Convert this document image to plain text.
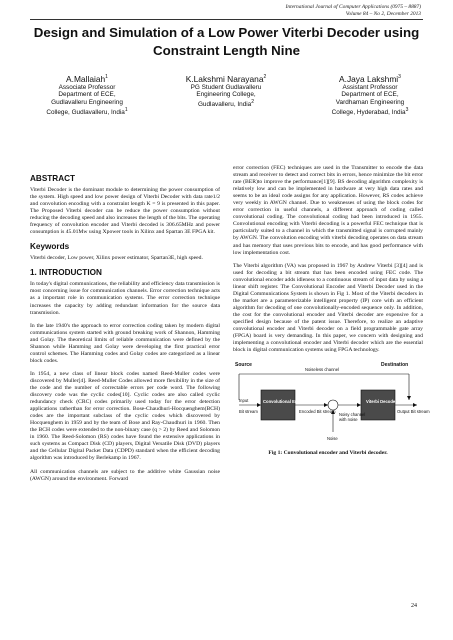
International Journal of Computer Applications (0975 – 8887)
Volume 84 – No 2, December 2013
Design and Simulation of a Low Power Viterbi Decoder using Constraint Length Nine
A.Mallaiah$^1$
Associate Professor
Department of ECE,
Gudlavalleru Engineering
College, Gudlavalleru, India$^1$
K.Lakshmi Narayana$^2$
PG Student Gudlavalleru
Engineering College,
Gudlavalleru, India$^2$
A.Jaya Lakshmi$^3$
Assistant Professor
Department of ECE,
Vardhaman Engineering
College, Hyderabad, India$^3$
ABSTRACT

Viterbi Decoder is the dominant module to determining the power consumption of the system. High speed and low power design of Viterbi Decoder with data rate1/2 and convolution encoding with a constraint length K = 9 is presented in this paper. The Proposed Viterbi decoder can be reduce the power consumption without reducing the decoding speed and also increases the length of the bits. The operating frequency of convolution encoder and Viterbi decoded is 306.65MHz and power consumption is 45.01Mw using Xpower tools in Xilinx and Spartan 3E FPGA kit.

Keywords

Viterbi decoder, Low power, Xilinx power estimator, Spartan3E, high speed.

1. INTRODUCTION

In today's digital communications, the reliability and efficiency data transmission is most concerning issue for communication channels. Error correction technique acts as a important role in communication systems. The error correction technique increases the capacity by adding redundant information for the source data transmission.

In the late 1940's the approach to error correction coding taken by modern digital communications system started with ground breaking work of Shannon, Hamming and Golay. The theoretical limits of reliable communication were defined by the Shannon while Hamming and Golay were developing the first practical error control schemes. The Hamming codes and Golay codes are categorized as a linear block codes.

In 1954, a new class of linear block codes named Reed-Muller codes were discovered by Muller[4]. Reed-Muller Codes allowed more flexibility in the size of the code and the number of correctable errors per code word. The following discovery code was the cyclic codes[10]. Cyclic codes are also called cyclic redundancy check (CRC) codes primarily used today for the error detection applications ratherthan for error correction. Bose-Chaudhuri-Hocquenghem(BCH) codes are the important subclass of the cyclic codes which discovered by Hocquenghem in 1959 and by the team of Bose and Ray-Chaudhuri in 1960. Then the BCH codes were extended to the non-binary case (q > 2) by Reed and Solomon in 1960. The Reed-Solomon (RS) codes have found the extensive applications in such systems as Compact Disk (CD) players, Digital Versatile Disk (DVD) players and the Cellular Digital Packet Data (CDPD) standard when the efficient decoding algorithm was introduced by Berlekamp in 1967.

All communication channels are subject to the additive white Gaussian noise (AWGN) around the environment. Forward

error correction (FEC) techniques are used in the Transmitter to encode the data stream and receiver to detect and correct bits in errors, hence minimize the bit error rate (BER)to improve the performance[1][9]. BS decoding algorithm complexity is relatively low and can be implemented in hardware at very high data rates and seems to be an ideal code assigns for any application. However, RS codes achieve very weekly in AWGN channel. Due to weaknesses of using the block codes for error correction in useful channels, a different approach of coding called convolutional coding. The convolutional coding had been introduced in 1955. Convolutional encoding with Viterbi decoding is a powerful FEC technique that is particularly suited to a channel in which the transmitted signal is corrupted mainly by AWGN. The convolution encoding with viterbi decoding operates on data stream and has memory that uses previous bits to encode, and has good performance with low implementation cost.

The Viterbi algorithm (VA) was proposed in 1967 by Andrew Viterbi [3][4] and is used for decoding a bit stream that has been encoded using FEC code. The convolutional encoder adds idleness to a continuous stream of input data by using a linear shift register. The Convolutional Encoder and Viterbi Decoder used in the Digital Communications System is shown in Fig 1. Most of the Viterbi decoders in the market are a parameterizable intelligent property (IP) core with an efficient algorithm for decoding of one convolutionally-encoded sequence only. In addition, the cost for the convolutional encoder and Viterbi decoder are expensive for a specified design because of the patent issue. Therefore, to realize an adaptive convolutional encoder and Viterbi decoder on a field programmable gate array (FPGA) board is very demanding. In this paper, we concern with designing and implementing a convolutional encoder and Viterbi decoder which are the essential block in digital communication systems using FPGA technology.

Source	Destination
Noiseless channel
Convolutional Encoder	Viterbi Decoder
Input
Bit stream	Encoded Bit stream	Output Bit stream
Noisy channel
with noise
Noise
Fig 1: Convolutional encoder and Viterbi decoder.
24
